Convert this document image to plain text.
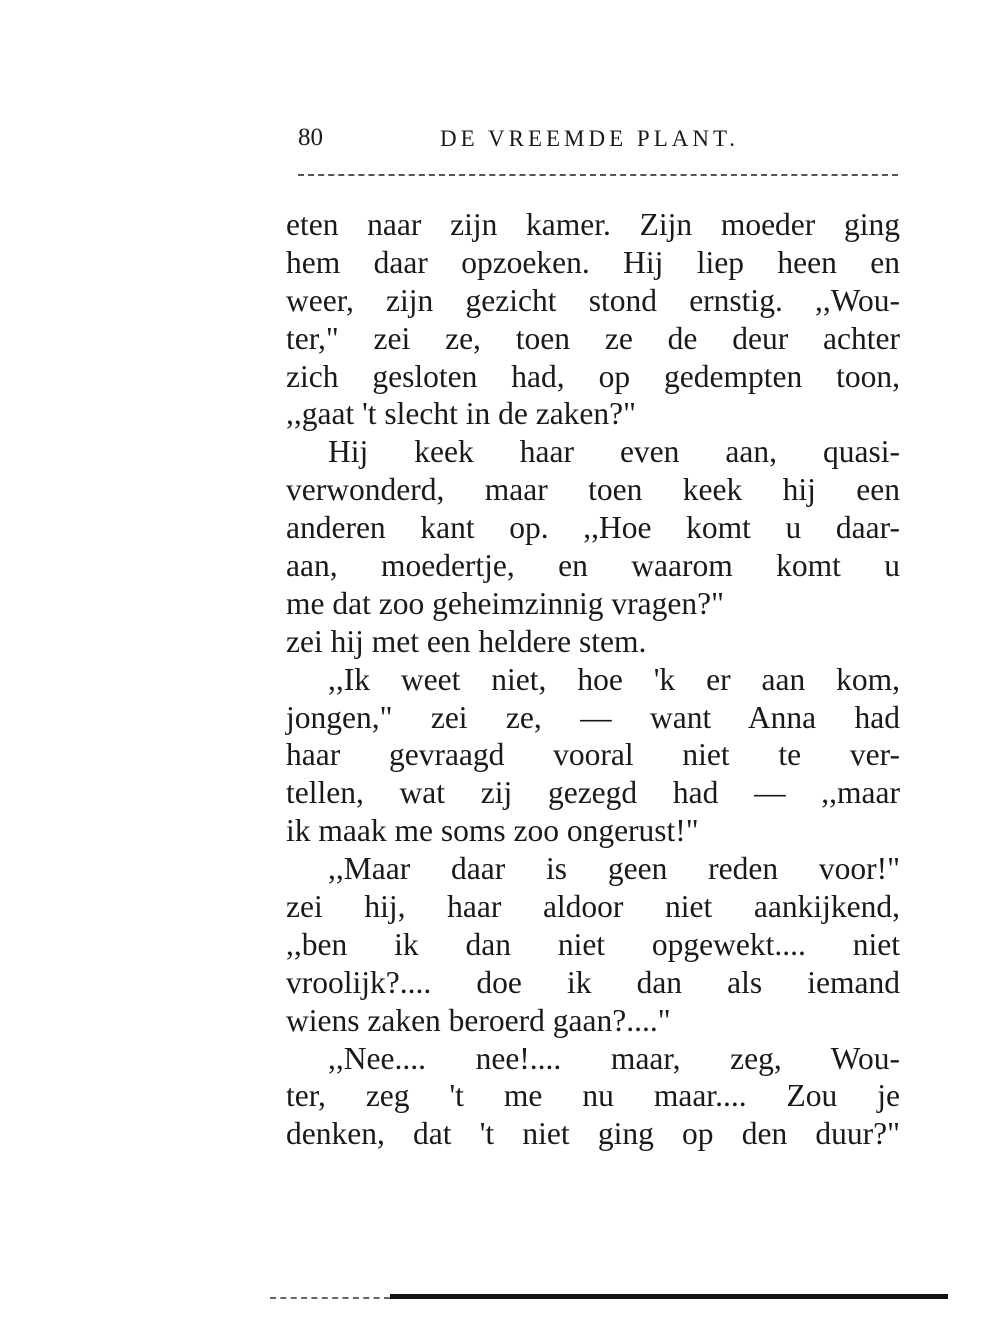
80	DE VREEMDE PLANT.
eten naar zijn kamer. Zijn moeder ging
hem daar opzoeken. Hij liep heen en
weer, zijn gezicht stond ernstig. ,,Wou-
ter," zei ze, toen ze de deur achter
zich gesloten had, op gedempten toon,
,,gaat 't slecht in de zaken?"
Hij keek haar even aan, quasi-
verwonderd, maar toen keek hij een
anderen kant op. ,,Hoe komt u daar-
aan, moedertje, en waarom komt u
me dat zoo geheimzinnig vragen?"
zei hij met een heldere stem.
,,Ik weet niet, hoe 'k er aan kom,
jongen," zei ze, — want Anna had
haar gevraagd vooral niet te ver-
tellen, wat zij gezegd had — ,,maar
ik maak me soms zoo ongerust!"
,,Maar daar is geen reden voor!"
zei hij, haar aldoor niet aankijkend,
,,ben ik dan niet opgewekt.... niet
vroolijk?.... doe ik dan als iemand
wiens zaken beroerd gaan?...."
,,Nee.... nee!.... maar, zeg, Wou-
ter, zeg 't me nu maar.... Zou je
denken, dat 't niet ging op den duur?"
